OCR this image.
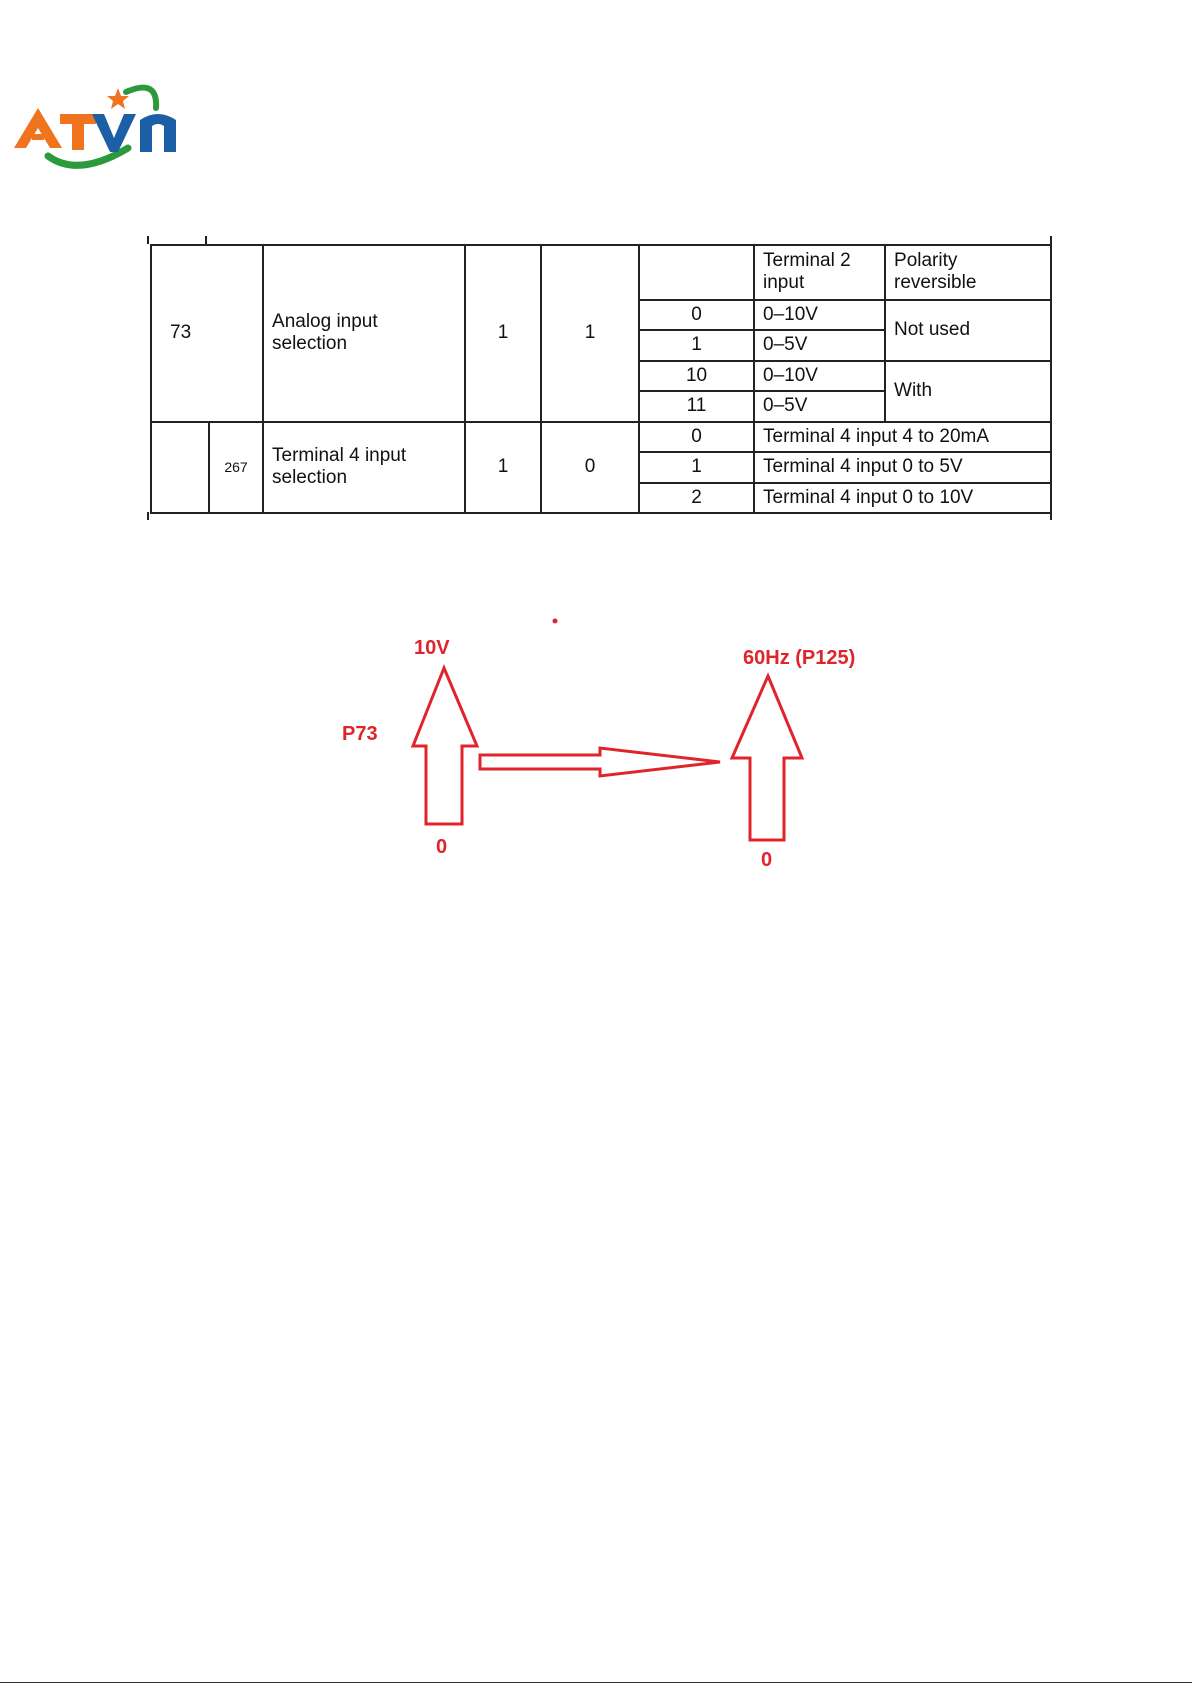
73		Analog input selection	1	1		Terminal 2 input	Polarity reversible
					0	0–10V	Not used
					1	0–5V	
					10	0–10V	With
					11	0–5V	
	267	Terminal 4 input selection	1	0	0	Terminal 4 input 4 to 20mA	
					1	Terminal 4 input 0 to 5V	
					2	Terminal 4 input 0 to 10V	
10V
P73
0
60Hz (P125)
0
